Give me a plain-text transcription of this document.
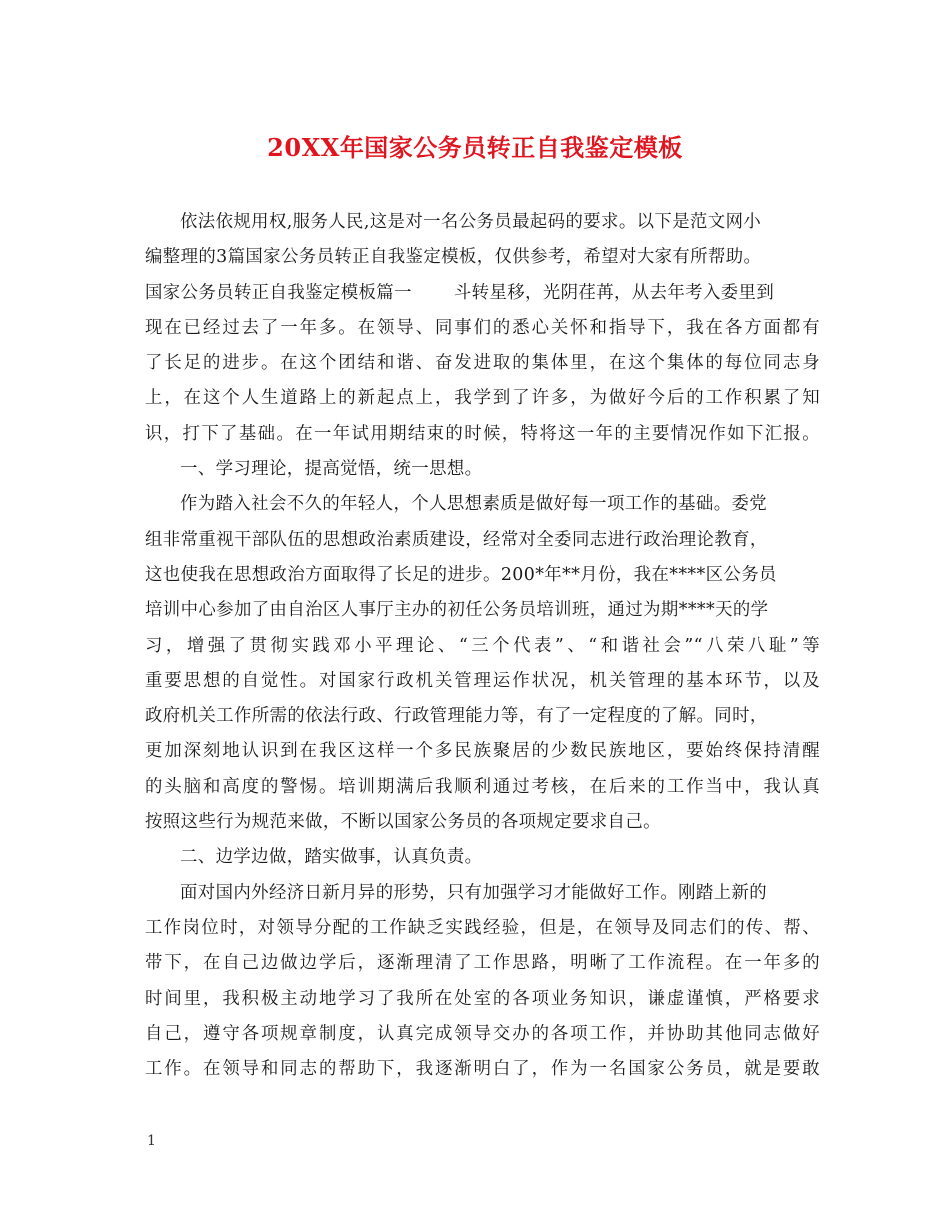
20XX年国家公务员转正自我鉴定模板
依法依规用权,服务人民,这是对一名公务员最起码的要求。以下是范文网小
编整理的3篇国家公务员转正自我鉴定模板，仅供参考，希望对大家有所帮助。
国家公务员转正自我鉴定模板篇一 斗转星移，光阴荏苒，从去年考入委里到
现在已经过去了一年多。在领导、同事们的悉心关怀和指导下，我在各方面都有
了长足的进步。在这个团结和谐、奋发进取的集体里，在这个集体的每位同志身
上，在这个人生道路上的新起点上，我学到了许多，为做好今后的工作积累了知
识，打下了基础。在一年试用期结束的时候，特将这一年的主要情况作如下汇报。
一、学习理论，提高觉悟，统一思想。
作为踏入社会不久的年轻人，个人思想素质是做好每一项工作的基础。委党
组非常重视干部队伍的思想政治素质建设，经常对全委同志进行政治理论教育，
这也使我在思想政治方面取得了长足的进步。200*年**月份，我在****区公务员
培训中心参加了由自治区人事厅主办的初任公务员培训班，通过为期****天的学
习，增强了贯彻实践邓小平理论、“三个代表”、“和谐社会”“八荣八耻”等
重要思想的自觉性。对国家行政机关管理运作状况，机关管理的基本环节，以及
政府机关工作所需的依法行政、行政管理能力等，有了一定程度的了解。同时，
更加深刻地认识到在我区这样一个多民族聚居的少数民族地区，要始终保持清醒
的头脑和高度的警惕。培训期满后我顺利通过考核，在后来的工作当中，我认真
按照这些行为规范来做，不断以国家公务员的各项规定要求自己。
二、边学边做，踏实做事，认真负责。
面对国内外经济日新月异的形势，只有加强学习才能做好工作。刚踏上新的
工作岗位时，对领导分配的工作缺乏实践经验，但是，在领导及同志们的传、帮、
带下，在自己边做边学后，逐渐理清了工作思路，明晰了工作流程。在一年多的
时间里，我积极主动地学习了我所在处室的各项业务知识，谦虚谨慎，严格要求
自己，遵守各项规章制度，认真完成领导交办的各项工作，并协助其他同志做好
工作。在领导和同志的帮助下，我逐渐明白了，作为一名国家公务员，就是要敢
1
